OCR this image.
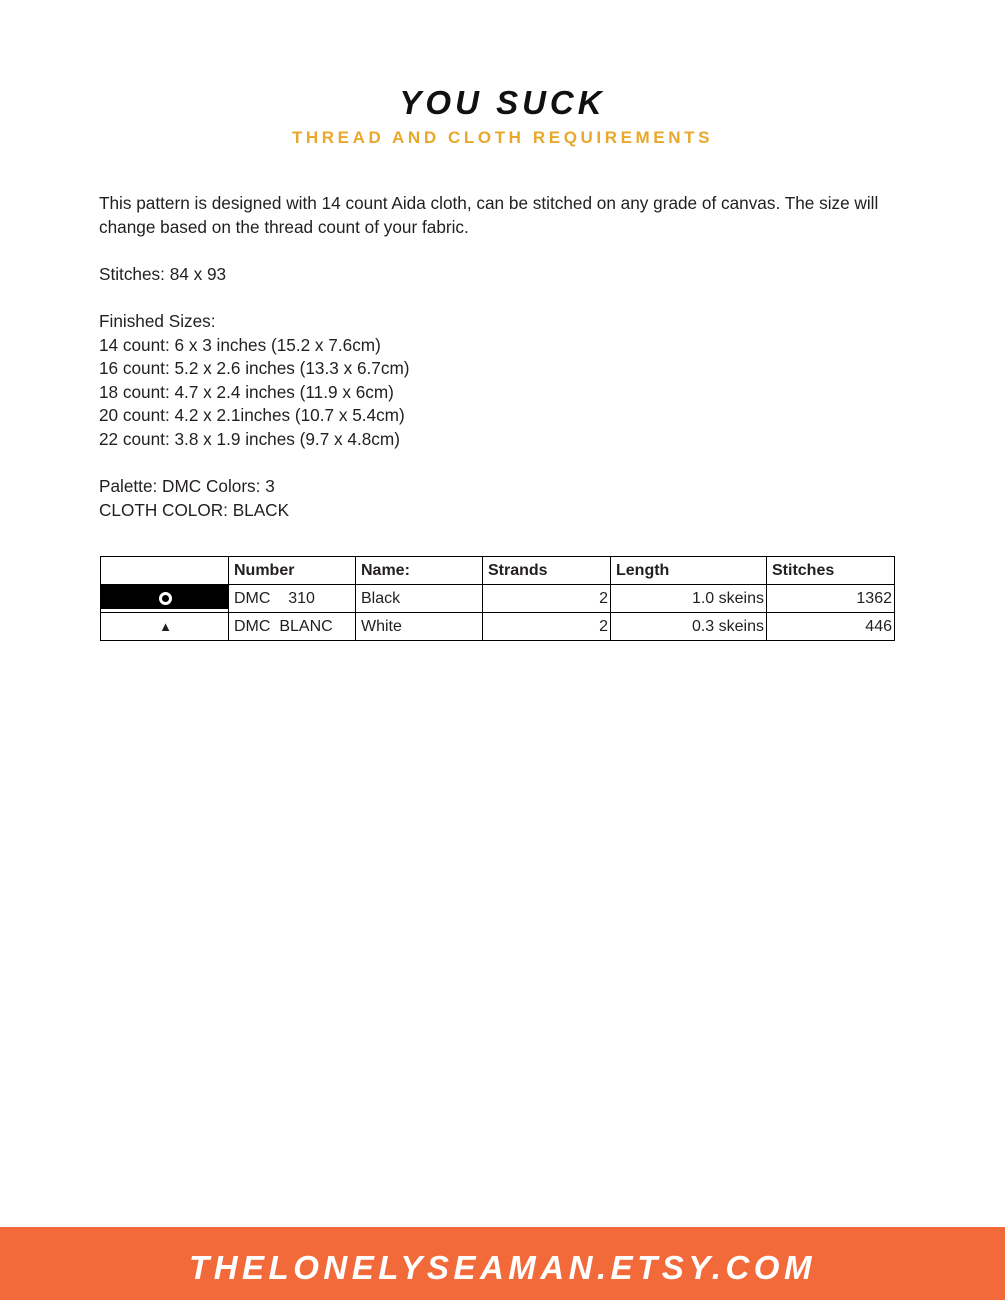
YOU SUCK
THREAD AND CLOTH REQUIREMENTS
This pattern is designed with 14 count Aida cloth, can be stitched on any grade of canvas. The size will change based on the thread count of your fabric.
Stitches: 84 x 93
Finished Sizes:
14 count: 6 x 3 inches (15.2 x 7.6cm)
16 count: 5.2 x 2.6 inches (13.3 x 6.7cm)
18 count: 4.7 x 2.4 inches (11.9 x 6cm)
20 count: 4.2 x 2.1inches (10.7 x 5.4cm)
22 count: 3.8 x 1.9 inches (9.7 x 4.8cm)
Palette: DMC Colors: 3
CLOTH COLOR: BLACK
	Number	Name:	Strands	Length	Stitches
	DMC    310	Black	2	1.0 skeins	1362
▲	DMC  BLANC	White	2	0.3 skeins	446
THELONELYSEAMAN.ETSY.COM
